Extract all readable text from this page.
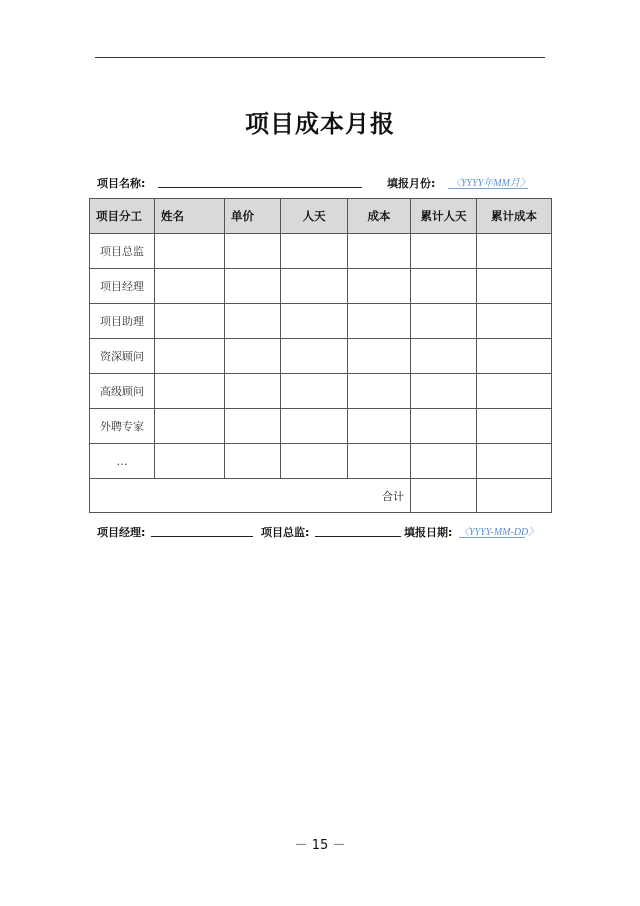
项目成本月报
项目名称:	填报月份: 〈YYYY年MM月〉
项目分工	姓名	单价	人天	成本	累计人天	累计成本
项目总监						
项目经理						
项目助理						
资深顾问						
高级顾问						
外聘专家						
…						
合计						
项目经理:	项目总监:	填报日期: 〈YYYY-MM-DD〉
－ 15 －
